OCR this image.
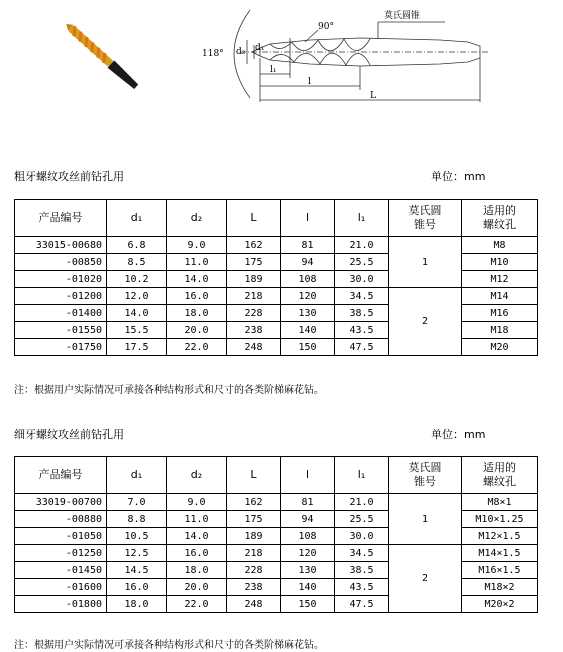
118°
90°
莫氏圆锥
d₂ d₁
l₁
l
L
粗牙螺纹攻丝前钻孔用	单位：mm
产品编号	d₁	d₂	L	l	l₁	莫氏圆
锥号	适用的
螺纹孔
33015-00680	6.8	9.0	162	81	21.0	1	M8
-00850	8.5	11.0	175	94	25.5		M10
-01020	10.2	14.0	189	108	30.0		M12
-01200	12.0	16.0	218	120	34.5	2	M14
-01400	14.0	18.0	228	130	38.5		M16
-01550	15.5	20.0	238	140	43.5		M18
-01750	17.5	22.0	248	150	47.5		M20
注：根据用户实际情况可承接各种结构形式和尺寸的各类阶梯麻花钻。
细牙螺纹攻丝前钻孔用	单位：mm
产品编号	d₁	d₂	L	l	l₁	莫氏圆
锥号	适用的
螺纹孔
33019-00700	7.0	9.0	162	81	21.0	1	M8×1
-00880	8.8	11.0	175	94	25.5		M10×1.25
-01050	10.5	14.0	189	108	30.0		M12×1.5
-01250	12.5	16.0	218	120	34.5	2	M14×1.5
-01450	14.5	18.0	228	130	38.5		M16×1.5
-01600	16.0	20.0	238	140	43.5		M18×2
-01800	18.0	22.0	248	150	47.5		M20×2
注：根据用户实际情况可承接各种结构形式和尺寸的各类阶梯麻花钻。
